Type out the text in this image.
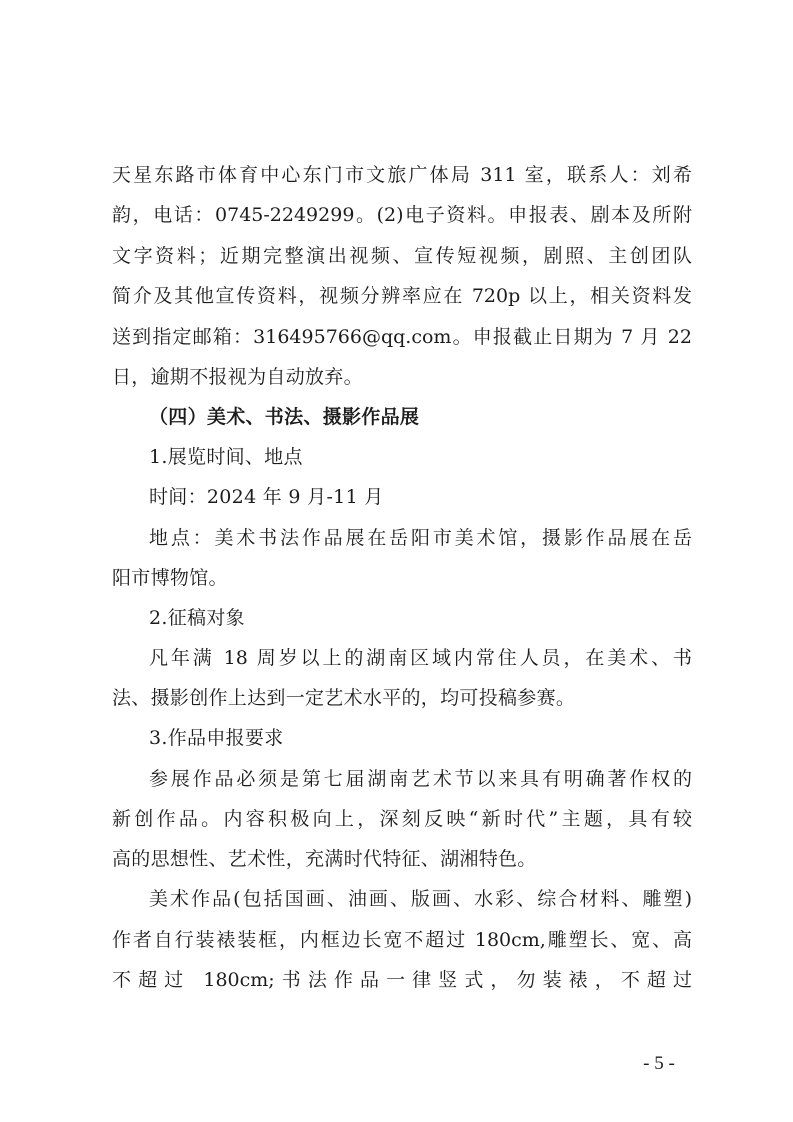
天星东路市体育中心东门市文旅广体局 311 室，联系人：刘希
韵，电话：0745-2249299。(2)电子资料。申报表、剧本及所附
文字资料；近期完整演出视频、宣传短视频，剧照、主创团队
简介及其他宣传资料，视频分辨率应在 720p 以上，相关资料发
送到指定邮箱：316495766@qq.com。申报截止日期为 7 月 22
日，逾期不报视为自动放弃。
（四）美术、书法、摄影作品展
1.展览时间、地点
时间：2024 年 9 月-11 月
地点：美术书法作品展在岳阳市美术馆，摄影作品展在岳
阳市博物馆。
2.征稿对象
凡年满 18 周岁以上的湖南区域内常住人员，在美术、书
法、摄影创作上达到一定艺术水平的，均可投稿参赛。
3.作品申报要求
参展作品必须是第七届湖南艺术节以来具有明确著作权的
新创作品。内容积极向上，深刻反映“新时代”主题，具有较
高的思想性、艺术性，充满时代特征、湖湘特色。
美术作品(包括国画、油画、版画、水彩、综合材料、雕塑)
作者自行装裱装框，内框边长宽不超过 180cm,雕塑长、宽、高
不超过 180cm;书法作品一律竖式，勿装裱，不超过
- 5 -
